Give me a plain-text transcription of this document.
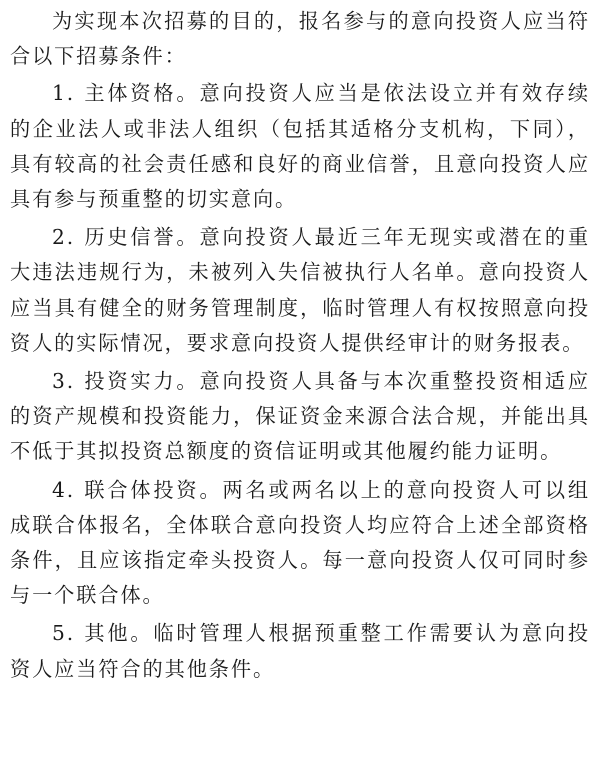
为实现本次招募的目的，报名参与的意向投资人应当符合以下招募条件：

1. 主体资格。意向投资人应当是依法设立并有效存续的企业法人或非法人组织（包括其适格分支机构，下同），具有较高的社会责任感和良好的商业信誉，且意向投资人应具有参与预重整的切实意向。

2. 历史信誉。意向投资人最近三年无现实或潜在的重大违法违规行为，未被列入失信被执行人名单。意向投资人应当具有健全的财务管理制度，临时管理人有权按照意向投资人的实际情况，要求意向投资人提供经审计的财务报表。

3. 投资实力。意向投资人具备与本次重整投资相适应的资产规模和投资能力，保证资金来源合法合规，并能出具不低于其拟投资总额度的资信证明或其他履约能力证明。

4. 联合体投资。两名或两名以上的意向投资人可以组成联合体报名，全体联合意向投资人均应符合上述全部资格条件，且应该指定牵头投资人。每一意向投资人仅可同时参与一个联合体。

5. 其他。临时管理人根据预重整工作需要认为意向投资人应当符合的其他条件。
